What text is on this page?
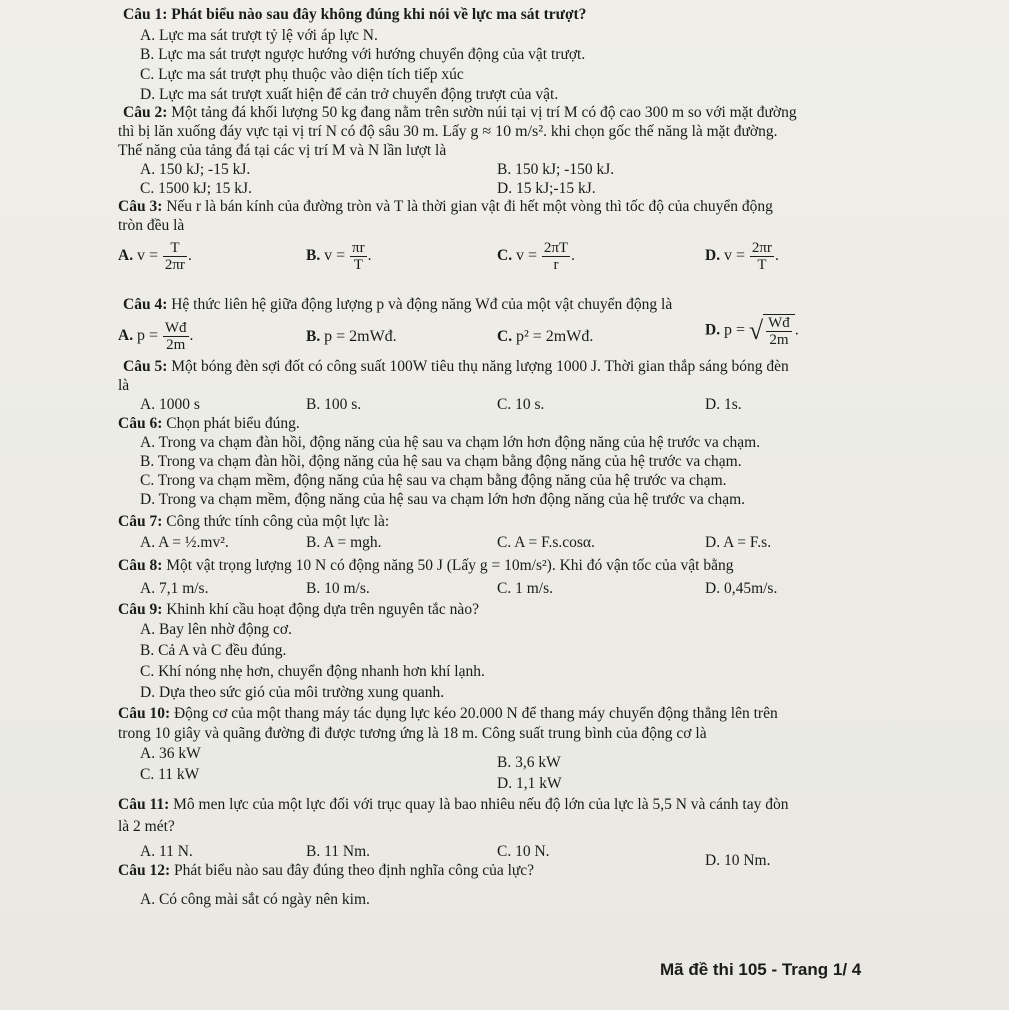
Câu 1: Phát biểu nào sau đây không đúng khi nói về lực ma sát trượt?
A. Lực ma sát trượt tỷ lệ với áp lực N.
B. Lực ma sát trượt ngược hướng với hướng chuyển động của vật trượt.
C. Lực ma sát trượt phụ thuộc vào diện tích tiếp xúc
D. Lực ma sát trượt xuất hiện để cản trở chuyển động trượt của vật.
Câu 2: Một tảng đá khối lượng 50 kg đang nằm trên sườn núi tại vị trí M có độ cao 300 m so với mặt đường
thì bị lăn xuống đáy vực tại vị trí N có độ sâu 30 m. Lấy g ≈ 10 m/s². khi chọn gốc thế năng là mặt đường.
Thế năng của tảng đá tại các vị trí M và N lần lượt là
A. 150 kJ; -15 kJ.	B. 150 kJ; -150 kJ.
C. 1500 kJ; 15 kJ.	D. 15 kJ;-15 kJ.
Câu 3: Nếu r là bán kính của đường tròn và T là thời gian vật đi hết một vòng thì tốc độ của chuyển động
tròn đều là
A. $v = \frac{T}{2\pi r}$ .	B. $v = \frac{\pi r}{T}$ .	C. $v = \frac{2\pi T}{r}$ .	D. $v = \frac{2\pi r}{T}$ .
Câu 4: Hệ thức liên hệ giữa động lượng p và động năng Wđ của một vật chuyển động là
A. $p = \frac{Wđ}{2m}$ .	B. p = 2mWđ.	C. p² = 2mWđ.	D. p = √ $\frac{Wđ}{2m}$ .
Câu 5: Một bóng đèn sợi đốt có công suất 100W tiêu thụ năng lượng 1000 J. Thời gian thắp sáng bóng đèn
là
A. 1000 s	B. 100 s.	C. 10 s.	D. 1s.
Câu 6: Chọn phát biểu đúng.
A. Trong va chạm đàn hồi, động năng của hệ sau va chạm lớn hơn động năng của hệ trước va chạm.
B. Trong va chạm đàn hồi, động năng của hệ sau va chạm bằng động năng của hệ trước va chạm.
C. Trong va chạm mềm, động năng của hệ sau va chạm bằng động năng của hệ trước va chạm.
D. Trong va chạm mềm, động năng của hệ sau va chạm lớn hơn động năng của hệ trước va chạm.
Câu 7: Công thức tính công của một lực là:
A. A = ½.mv².	B. A = mgh.	C. A = F.s.cosα.	D. A = F.s.
Câu 8: Một vật trọng lượng 10 N có động năng 50 J (Lấy g = 10m/s²). Khi đó vận tốc của vật bằng
A. 7,1 m/s.	B. 10 m/s.	C. 1 m/s.	D. 0,45m/s.
Câu 9: Khinh khí cầu hoạt động dựa trên nguyên tắc nào?
A. Bay lên nhờ động cơ.
B. Cả A và C đều đúng.
C. Khí nóng nhẹ hơn, chuyển động nhanh hơn khí lạnh.
D. Dựa theo sức gió của môi trường xung quanh.
Câu 10: Động cơ của một thang máy tác dụng lực kéo 20.000 N để thang máy chuyển động thẳng lên trên
trong 10 giây và quãng đường đi được tương ứng là 18 m. Công suất trung bình của động cơ là
A. 36 kW
B. 3,6 kW
C. 11 kW
D. 1,1 kW
Câu 11: Mô men lực của một lực đối với trục quay là bao nhiêu nếu độ lớn của lực là 5,5 N và cánh tay đòn
là 2 mét?
A. 11 N.	B. 11 Nm.	C. 10 N.
D. 10 Nm.
Câu 12: Phát biểu nào sau đây đúng theo định nghĩa công của lực?
A. Có công mài sắt có ngày nên kim.
Mã đề thi 105 - Trang 1/ 4
